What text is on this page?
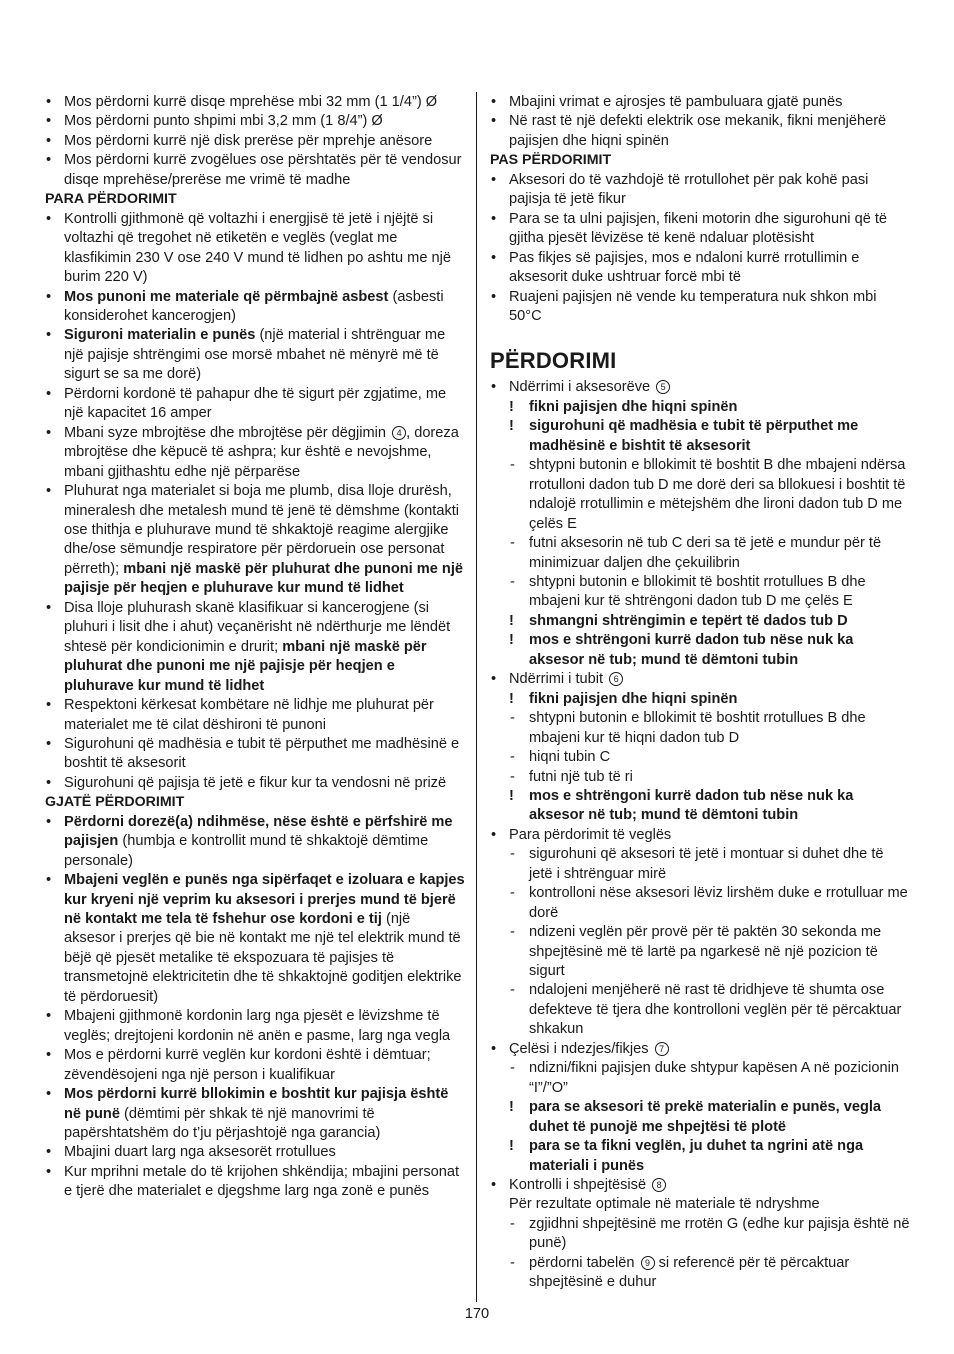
• Mos përdorni kurrë disqe mprehëse mbi 32 mm (1 1/4”) Ø
• Mos përdorni punto shpimi mbi 3,2 mm (1 8/4”) Ø
• Mos përdorni kurrë një disk prerëse për mprehje anësore
• Mos përdorni kurrë zvogëlues ose përshtatës për të vendosur disqe mprehëse/prerëse me vrimë të madhe
PARA PËRDORIMIT
• Kontrolli gjithmonë që voltazhi i energjisë të jetë i njëjtë si voltazhi që tregohet në etiketën e veglës (veglat me klasfikimin 230 V ose 240 V mund të lidhen po ashtu me një burim 220 V)
• Mos punoni me materiale që përmbajnë asbest (asbesti konsiderohet kancerogjen)
• Siguroni materialin e punës (një material i shtrënguar me një pajisje shtrëngimi ose morsë mbahet në mënyrë më të sigurt se sa me dorë)
• Përdorni kordonë të pahapur dhe të sigurt për zgjatime, me një kapacitet 16 amper
• Mbani syze mbrojtëse dhe mbrojtëse për dëgjimin 4 , doreza mbrojtëse dhe këpucë të ashpra; kur është e nevojshme, mbani gjithashtu edhe një përparëse
• Pluhurat nga materialet si boja me plumb, disa lloje drurësh, mineralesh dhe metalesh mund të jenë të dëmshme (kontakti ose thithja e pluhurave mund të shkaktojë reagime alergjike dhe/ose sëmundje respiratore për përdoruein ose personat përreth); mbani një maskë për pluhurat dhe punoni me një pajisje për heqjen e pluhurave kur mund të lidhet
• Disa lloje pluhurash skanë klasifikuar si kancerogjene (si pluhuri i lisit dhe i ahut) veçanërisht në ndërthurje me lëndët shtesë për kondicionimin e drurit; mbani një maskë për pluhurat dhe punoni me një pajisje për heqjen e pluhurave kur mund të lidhet
• Respektoni kërkesat kombëtare në lidhje me pluhurat për materialet me të cilat dëshironi të punoni
• Sigurohuni që madhësia e tubit të përputhet me madhësinë e boshtit të aksesorit
• Sigurohuni që pajisja të jetë e fikur kur ta vendosni në prizë
GJATË PËRDORIMIT
• Përdorni dorezë(a) ndihmëse, nëse është e përfshirë me pajisjen (humbja e kontrollit mund të shkaktojë dëmtime personale)
• Mbajeni veglën e punës nga sipërfaqet e izoluara e kapjes kur kryeni një veprim ku aksesori i prerjes mund të bjerë në kontakt me tela të fshehur ose kordoni e tij (një aksesor i prerjes që bie në kontakt me një tel elektrik mund të bëjë që pjesët metalike të ekspozuara të pajisjes të transmetojnë elektricitetin dhe të shkaktojnë goditjen elektrike të përdoruesit)
• Mbajeni gjithmonë kordonin larg nga pjesët e lëvizshme të veglës; drejtojeni kordonin në anën e pasme, larg nga vegla
• Mos e përdorni kurrë veglën kur kordoni është i dëmtuar; zëvendësojeni nga një person i kualifikuar
• Mos përdorni kurrë bllokimin e boshtit kur pajisja është në punë (dëmtimi për shkak të një manovrimi të papërshtatshëm do t’ju përjashtojë nga garancia)
• Mbajini duart larg nga aksesorët rrotullues
• Kur mprihni metale do të krijohen shkëndija; mbajini personat e tjerë dhe materialet e djegshme larg nga zonë e punës
• Mbajini vrimat e ajrosjes të pambuluara gjatë punës
• Në rast të një defekti elektrik ose mekanik, fikni menjëherë pajisjen dhe hiqni spinën
PAS PËRDORIMIT
• Aksesori do të vazhdojë të rrotullohet për pak kohë pasi pajisja të jetë fikur
• Para se ta ulni pajisjen, fikeni motorin dhe sigurohuni që të gjitha pjesët lëvizëse të kenë ndaluar plotësisht
• Pas fikjes së pajisjes, mos e ndaloni kurrë rrotullimin e aksesorit duke ushtruar forcë mbi të
• Ruajeni pajisjen në vende ku temperatura nuk shkon mbi 50°C
PËRDORIMI
• Ndërrimi i aksesorëve 5
! fikni pajisjen dhe hiqni spinën
! sigurohuni që madhësia e tubit të përputhet me madhësinë e bishtit të aksesorit
- shtypni butonin e bllokimit të boshtit B dhe mbajeni ndërsa rrotulloni dadon tub D me dorë deri sa bllokuesi i boshtit të ndalojë rrotullimin e mëtejshëm dhe lironi dadon tub D me çelës E
- futni aksesorin në tub C deri sa të jetë e mundur për të minimizuar daljen dhe çekuilibrin
- shtypni butonin e bllokimit të boshtit rrotullues B dhe mbajeni kur të shtrëngoni dadon tub D me çelës E
! shmangni shtrëngimin e tepërt të dados tub D
! mos e shtrëngoni kurrë dadon tub nëse nuk ka aksesor në tub; mund të dëmtoni tubin
• Ndërrimi i tubit 6
! fikni pajisjen dhe hiqni spinën
- shtypni butonin e bllokimit të boshtit rrotullues B dhe mbajeni kur të hiqni dadon tub D
- hiqni tubin C
- futni një tub të ri
! mos e shtrëngoni kurrë dadon tub nëse nuk ka aksesor në tub; mund të dëmtoni tubin
• Para përdorimit të veglës
- sigurohuni që aksesori të jetë i montuar si duhet dhe të jetë i shtrënguar mirë
- kontrolloni nëse aksesori lëviz lirshëm duke e rrotulluar me dorë
- ndizeni veglën për provë për të paktën 30 sekonda me shpejtësinë më të lartë pa ngarkesë në një pozicion të sigurt
- ndalojeni menjëherë në rast të dridhjeve të shumta ose defekteve të tjera dhe kontrolloni veglën për të përcaktuar shkakun
• Çelësi i ndezjes/fikjes 7
- ndizni/fikni pajisjen duke shtypur kapësen A në pozicionin “I”/”O”
! para se aksesori të prekë materialin e punës, vegla duhet të punojë me shpejtësi të plotë
! para se ta fikni veglën, ju duhet ta ngrini atë nga materiali i punës
• Kontrolli i shpejtësisë 8
Për rezultate optimale në materiale të ndryshme
- zgjidhni shpejtësinë me rrotën G (edhe kur pajisja është në punë)
- përdorni tabelën 9 si referencë për të përcaktuar shpejtësinë e duhur
170
